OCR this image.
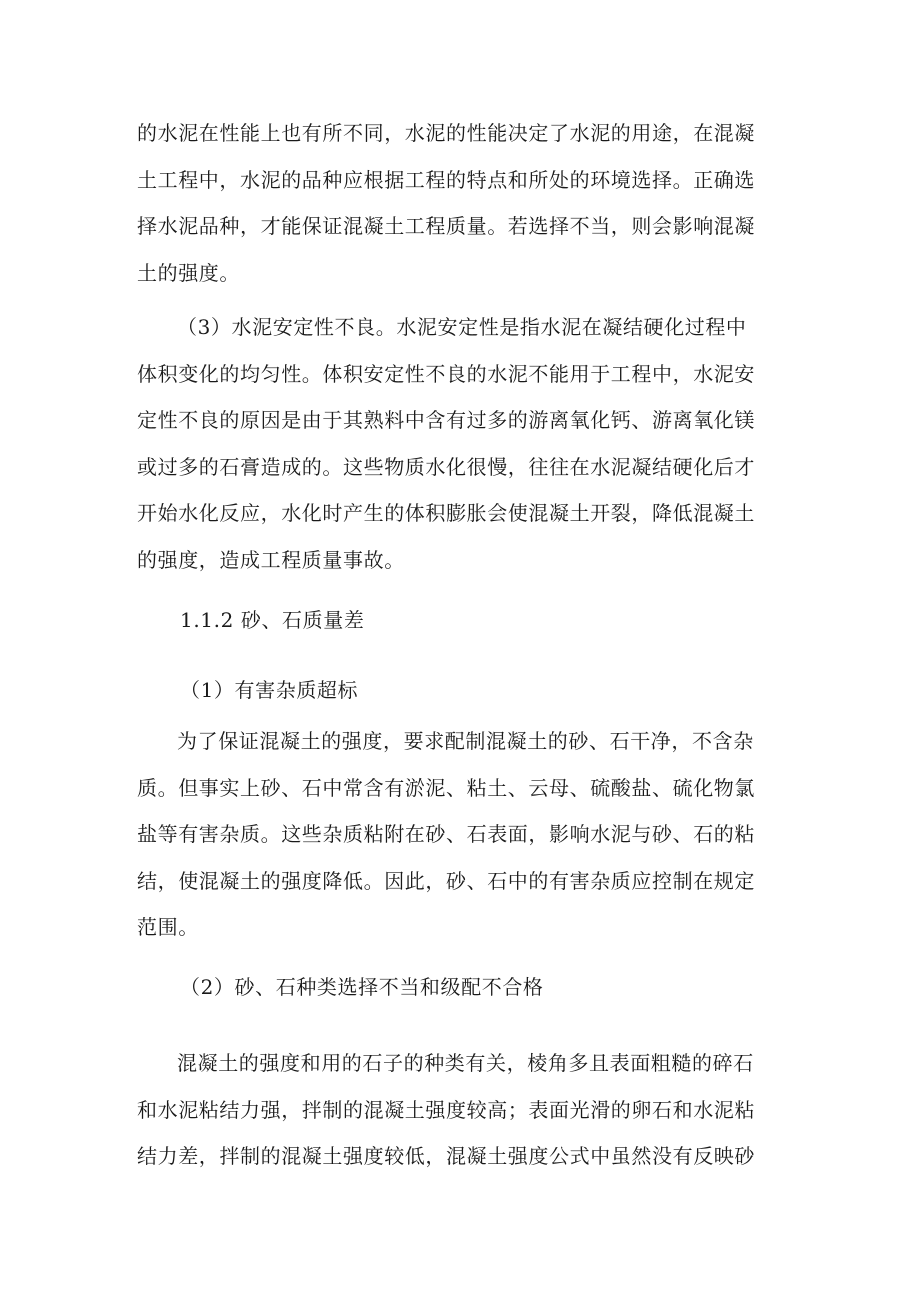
的水泥在性能上也有所不同，水泥的性能决定了水泥的用途，在混凝
土工程中，水泥的品种应根据工程的特点和所处的环境选择。正确选
择水泥品种，才能保证混凝土工程质量。若选择不当，则会影响混凝
土的强度。
（3）水泥安定性不良。水泥安定性是指水泥在凝结硬化过程中
体积变化的均匀性。体积安定性不良的水泥不能用于工程中，水泥安
定性不良的原因是由于其熟料中含有过多的游离氧化钙、游离氧化镁
或过多的石膏造成的。这些物质水化很慢，往往在水泥凝结硬化后才
开始水化反应，水化时产生的体积膨胀会使混凝土开裂，降低混凝土
的强度，造成工程质量事故。
1.1.2 砂、石质量差
（1）有害杂质超标
为了保证混凝土的强度，要求配制混凝土的砂、石干净，不含杂
质。但事实上砂、石中常含有淤泥、粘土、云母、硫酸盐、硫化物氯
盐等有害杂质。这些杂质粘附在砂、石表面，影响水泥与砂、石的粘
结，使混凝土的强度降低。因此，砂、石中的有害杂质应控制在规定
范围。
（2）砂、石种类选择不当和级配不合格
混凝土的强度和用的石子的种类有关，棱角多且表面粗糙的碎石
和水泥粘结力强，拌制的混凝土强度较高；表面光滑的卵石和水泥粘
结力差，拌制的混凝土强度较低，混凝土强度公式中虽然没有反映砂
